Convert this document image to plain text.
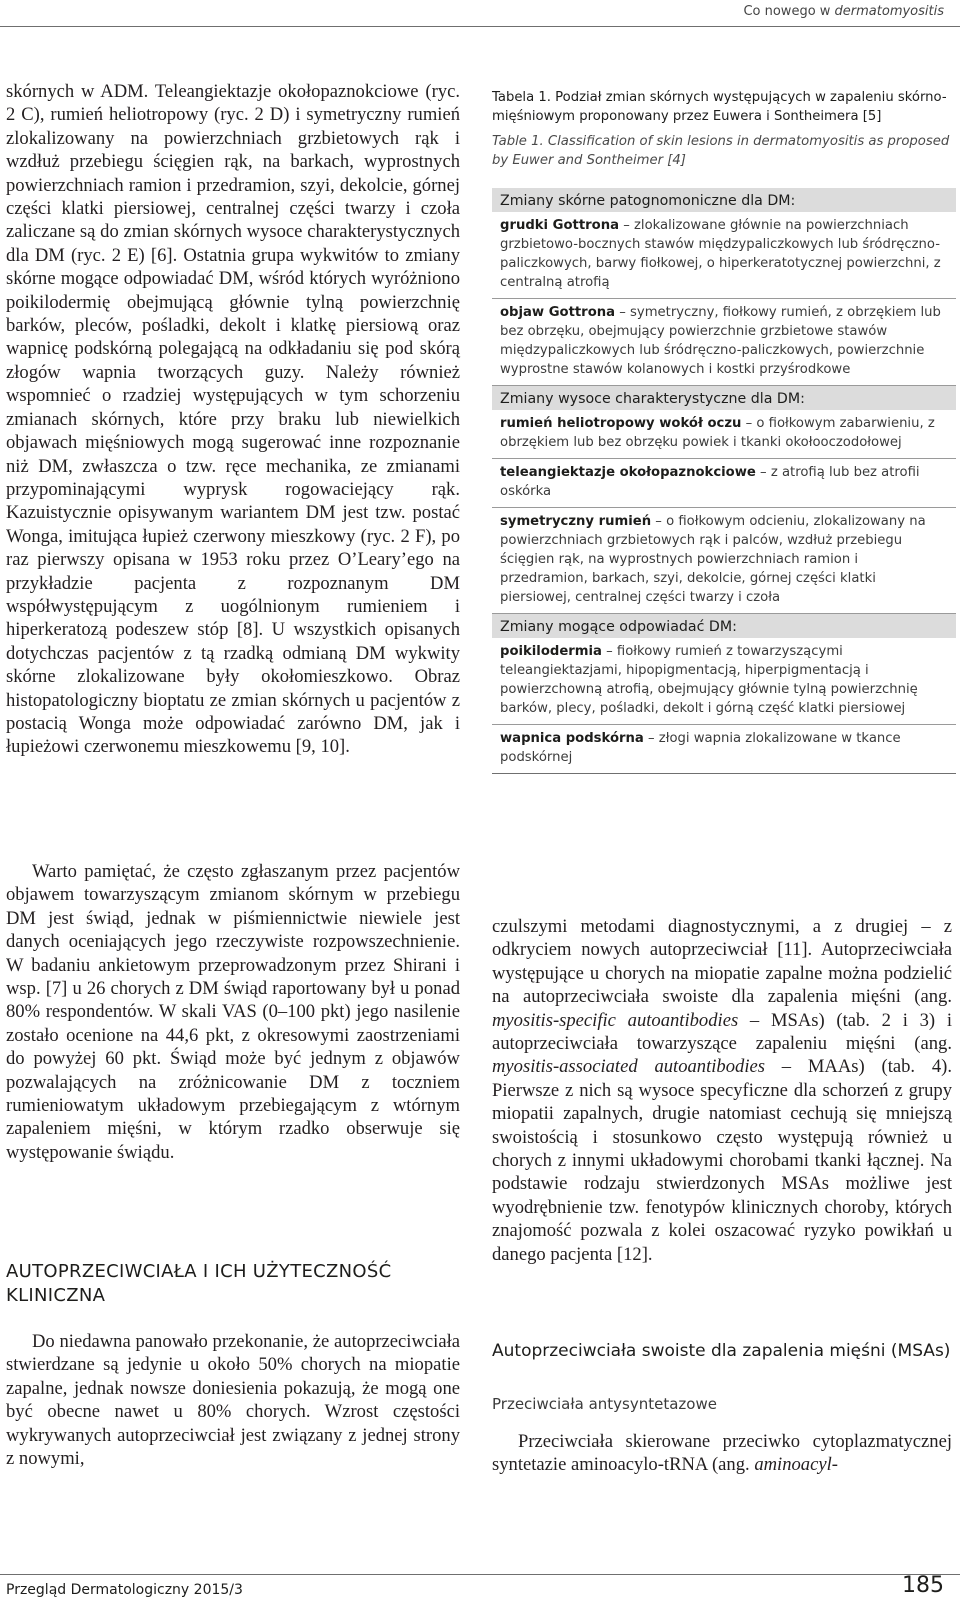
Co nowego w dermatomyositis

skórnych w ADM. Teleangiektazje okołopaznokciowe (ryc. 2 C), rumień heliotropowy (ryc. 2 D) i symetryczny rumień zlokalizowany na powierzchniach grzbietowych rąk i wzdłuż przebiegu ścięgien rąk, na barkach, wyprostnych powierzchniach ramion i przedramion, szyi, dekolcie, górnej części klatki piersiowej, centralnej części twarzy i czoła zaliczane są do zmian skórnych wysoce charakterystycznych dla DM (ryc. 2 E) [6]. Ostatnia grupa wykwitów to zmiany skórne mogące odpowiadać DM, wśród których wyróżniono poikilodermię obejmującą głównie tylną powierzchnię barków, pleców, pośladki, dekolt i klatkę piersiową oraz wapnicę podskórną polegającą na odkładaniu się pod skórą złogów wapnia tworzących guzy. Należy również wspomnieć o rzadziej występujących w tym schorzeniu zmianach skórnych, które przy braku lub niewielkich objawach mięśniowych mogą sugerować inne rozpoznanie niż DM, zwłaszcza o tzw. ręce mechanika, ze zmianami przypominającymi wyprysk rogowaciejący rąk. Kazuistycznie opisywanym wariantem DM jest tzw. postać Wonga, imitująca łupież czerwony mieszkowy (ryc. 2 F), po raz pierwszy opisana w 1953 roku przez O’Leary’ego na przykładzie pacjenta z rozpoznanym DM współwystępującym z uogólnionym rumieniem i hiperkeratozą podeszew stóp [8]. U wszystkich opisanych dotychczas pacjentów z tą rzadką odmianą DM wykwity skórne zlokalizowane były okołomieszkowo. Obraz histopatologiczny bioptatu ze zmian skórnych u pacjentów z postacią Wonga może odpowiadać zarówno DM, jak i łupieżowi czerwonemu mieszkowemu [9, 10].

Warto pamiętać, że często zgłaszanym przez pacjentów objawem towarzyszącym zmianom skórnym w przebiegu DM jest świąd, jednak w piśmiennictwie niewiele jest danych oceniających jego rzeczywiste rozpowszechnienie. W badaniu ankietowym przeprowadzonym przez Shirani i wsp. [7] u 26 chorych z DM świąd raportowany był u ponad 80% respondentów. W skali VAS (0–100 pkt) jego nasilenie zostało ocenione na 44,6 pkt, z okresowymi zaostrzeniami do powyżej 60 pkt. Świąd może być jednym z objawów pozwalających na zróżnicowanie DM z toczniem rumieniowatym układowym przebiegającym z wtórnym zapaleniem mięśni, w którym rzadko obserwuje się występowanie świądu.

AUTOPRZECIWCIAŁA I ICH UŻYTECZNOŚĆ KLINICZNA

Do niedawna panowało przekonanie, że autoprzeciwciała stwierdzane są jedynie u około 50% chorych na miopatie zapalne, jednak nowsze doniesienia pokazują, że mogą one być obecne nawet u 80% chorych. Wzrost częstości wykrywanych autoprzeciwciał jest związany z jednej strony z nowymi,

Tabela 1. Podział zmian skórnych występujących w zapaleniu skórno-mięśniowym proponowany przez Euwera i Sontheimera [5]
Table 1. Classification of skin lesions in dermatomyositis as proposed by Euwer and Sontheimer [4]
Zmiany skórne patognomoniczne dla DM:
grudki Gottrona – zlokalizowane głównie na powierzchniach grzbietowo-bocznych stawów międzypaliczkowych lub śródręczno-paliczkowych, barwy fiołkowej, o hiperkeratotycznej powierzchni, z centralną atrofią
objaw Gottrona – symetryczny, fiołkowy rumień, z obrzękiem lub bez obrzęku, obejmujący powierzchnie grzbietowe stawów międzypaliczkowych lub śródręczno-paliczkowych, powierzchnie wyprostne stawów kolanowych i kostki przyśrodkowe
Zmiany wysoce charakterystyczne dla DM:
rumień heliotropowy wokół oczu – o fiołkowym zabarwieniu, z obrzękiem lub bez obrzęku powiek i tkanki okołooczodołowej
teleangiektazje okołopaznokciowe – z atrofią lub bez atrofii oskórka
symetryczny rumień – o fiołkowym odcieniu, zlokalizowany na powierzchniach grzbietowych rąk i palców, wzdłuż przebiegu ścięgien rąk, na wyprostnych powierzchniach ramion i przedramion, barkach, szyi, dekolcie, górnej części klatki piersiowej, centralnej części twarzy i czoła
Zmiany mogące odpowiadać DM:
poikilodermia – fiołkowy rumień z towarzyszącymi teleangiektazjami, hipopigmentacją, hiperpigmentacją i powierzchowną atrofią, obejmujący głównie tylną powierzchnię barków, plecy, pośladki, dekolt i górną część klatki piersiowej
wapnica podskórna – złogi wapnia zlokalizowane w tkance podskórnej

czulszymi metodami diagnostycznymi, a z drugiej – z odkryciem nowych autoprzeciwciał [11]. Autoprzeciwciała występujące u chorych na miopatie zapalne można podzielić na autoprzeciwciała swoiste dla zapalenia mięśni (ang. myositis-specific autoantibodies – MSAs) (tab. 2 i 3) i autoprzeciwciała towarzyszące zapaleniu mięśni (ang. myositis-associated autoantibodies – MAAs) (tab. 4). Pierwsze z nich są wysoce specyficzne dla schorzeń z grupy miopatii zapalnych, drugie natomiast cechują się mniejszą swoistością i stosunkowo często występują również u chorych z innymi układowymi chorobami tkanki łącznej. Na podstawie rodzaju stwierdzonych MSAs możliwe jest wyodrębnienie tzw. fenotypów klinicznych choroby, których znajomość pozwala z kolei oszacować ryzyko powikłań u danego pacjenta [12].

Autoprzeciwciała swoiste dla zapalenia mięśni (MSAs)
Przeciwciała antysyntetazowe

Przeciwciała skierowane przeciwko cytoplazmatycznej syntetazie aminoacylo-tRNA (ang. aminoacyl-

Przegląd Dermatologiczny 2015/3	185
